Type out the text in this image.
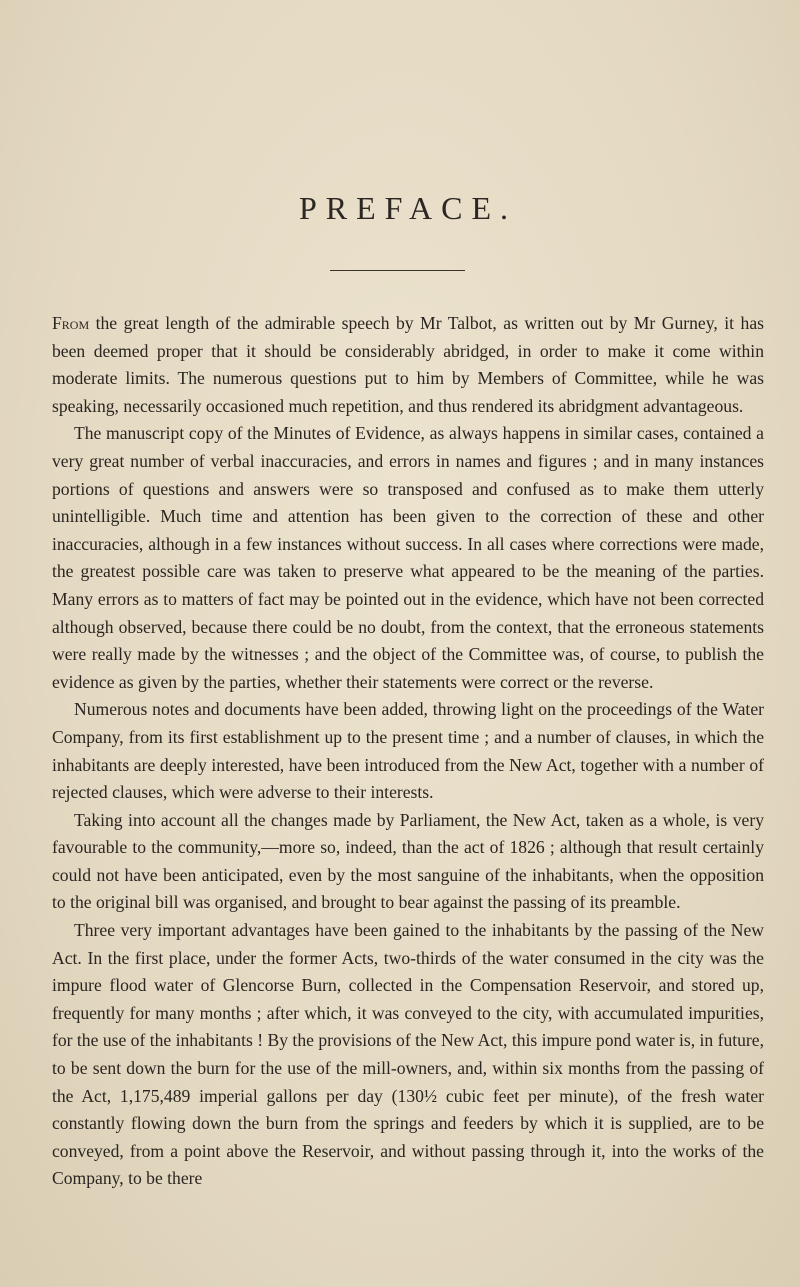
PREFACE.

From the great length of the admirable speech by Mr Talbot, as written out by Mr Gurney, it has been deemed proper that it should be considerably abridged, in order to make it come within moderate limits. The numerous questions put to him by Members of Committee, while he was speaking, necessarily occasioned much repetition, and thus rendered its abridgment advantageous.

The manuscript copy of the Minutes of Evidence, as always happens in similar cases, contained a very great number of verbal inaccuracies, and errors in names and figures ; and in many instances portions of questions and answers were so transposed and confused as to make them utterly unintelligible. Much time and attention has been given to the correction of these and other inaccuracies, although in a few instances without success. In all cases where corrections were made, the greatest possible care was taken to preserve what appeared to be the meaning of the parties. Many errors as to matters of fact may be pointed out in the evidence, which have not been corrected although observed, because there could be no doubt, from the context, that the erroneous statements were really made by the witnesses ; and the object of the Committee was, of course, to publish the evidence as given by the parties, whether their statements were correct or the reverse.

Numerous notes and documents have been added, throwing light on the proceedings of the Water Company, from its first establishment up to the present time ; and a number of clauses, in which the inhabitants are deeply interested, have been introduced from the New Act, together with a number of rejected clauses, which were adverse to their interests.

Taking into account all the changes made by Parliament, the New Act, taken as a whole, is very favourable to the community,—more so, indeed, than the act of 1826 ; although that result certainly could not have been anticipated, even by the most sanguine of the inhabitants, when the opposition to the original bill was organised, and brought to bear against the passing of its preamble.

Three very important advantages have been gained to the inhabitants by the passing of the New Act. In the first place, under the former Acts, two-thirds of the water consumed in the city was the impure flood water of Glencorse Burn, collected in the Compensation Reservoir, and stored up, frequently for many months ; after which, it was conveyed to the city, with accumulated impurities, for the use of the inhabitants ! By the provisions of the New Act, this impure pond water is, in future, to be sent down the burn for the use of the mill-owners, and, within six months from the passing of the Act, 1,175,489 imperial gallons per day (130½ cubic feet per minute), of the fresh water constantly flowing down the burn from the springs and feeders by which it is supplied, are to be conveyed, from a point above the Reservoir, and without passing through it, into the works of the Company, to be there
